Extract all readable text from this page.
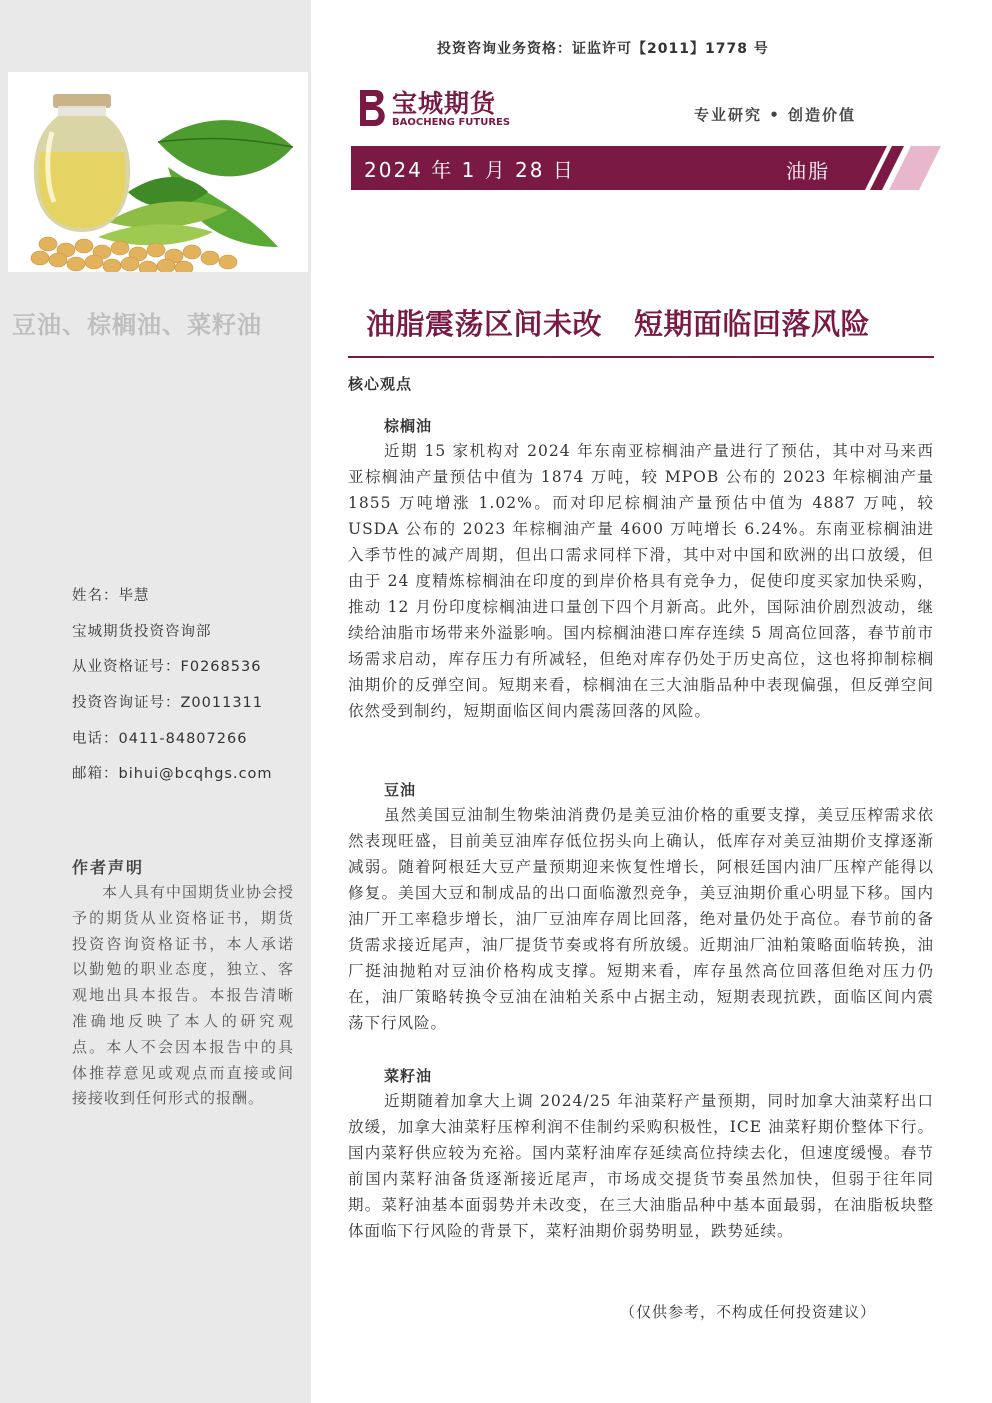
豆油、棕榈油、菜籽油
姓名：毕慧
宝城期货投资咨询部
从业资格证号：F0268536
投资咨询证号：Z0011311
电话：0411-84807266
邮箱：bihui@bcqhgs.com
作者声明
本人具有中国期货业协会授予的期货从业资格证书，期货投资咨询资格证书，本人承诺以勤勉的职业态度，独立、客观地出具本报告。本报告清晰准确地反映了本人的研究观点。本人不会因本报告中的具体推荐意见或观点而直接或间接接收到任何形式的报酬。
投资咨询业务资格：证监许可【2011】1778 号
宝城期货
BAOCHENG FUTURES	专业研究 • 创造价值
2024 年 1 月 28 日	油脂
油脂震荡区间未改 短期面临回落风险
核心观点
棕榈油

近期 15 家机构对 2024 年东南亚棕榈油产量进行了预估，其中对马来西亚棕榈油产量预估中值为 1874 万吨，较 MPOB 公布的 2023 年棕榈油产量 1855 万吨增涨 1.02%。而对印尼棕榈油产量预估中值为 4887 万吨，较 USDA 公布的 2023 年棕榈油产量 4600 万吨增长 6.24%。东南亚棕榈油进入季节性的减产周期，但出口需求同样下滑，其中对中国和欧洲的出口放缓，但由于 24 度精炼棕榈油在印度的到岸价格具有竞争力，促使印度买家加快采购，推动 12 月份印度棕榈油进口量创下四个月新高。此外，国际油价剧烈波动，继续给油脂市场带来外溢影响。国内棕榈油港口库存连续 5 周高位回落，春节前市场需求启动，库存压力有所减轻，但绝对库存仍处于历史高位，这也将抑制棕榈油期价的反弹空间。短期来看，棕榈油在三大油脂品种中表现偏强，但反弹空间依然受到制约，短期面临区间内震荡回落的风险。

豆油

虽然美国豆油制生物柴油消费仍是美豆油价格的重要支撑，美豆压榨需求依然表现旺盛，目前美豆油库存低位拐头向上确认，低库存对美豆油期价支撑逐渐减弱。随着阿根廷大豆产量预期迎来恢复性增长，阿根廷国内油厂压榨产能得以修复。美国大豆和制成品的出口面临激烈竞争，美豆油期价重心明显下移。国内油厂开工率稳步增长，油厂豆油库存周比回落，绝对量仍处于高位。春节前的备货需求接近尾声，油厂提货节奏或将有所放缓。近期油厂油粕策略面临转换，油厂挺油抛粕对豆油价格构成支撑。短期来看，库存虽然高位回落但绝对压力仍在，油厂策略转换令豆油在油粕关系中占据主动，短期表现抗跌，面临区间内震荡下行风险。

菜籽油

近期随着加拿大上调 2024/25 年油菜籽产量预期，同时加拿大油菜籽出口放缓，加拿大油菜籽压榨利润不佳制约采购积极性，ICE 油菜籽期价整体下行。国内菜籽供应较为充裕。国内菜籽油库存延续高位持续去化，但速度缓慢。春节前国内菜籽油备货逐渐接近尾声，市场成交提货节奏虽然加快，但弱于往年同期。菜籽油基本面弱势并未改变，在三大油脂品种中基本面最弱，在油脂板块整体面临下行风险的背景下，菜籽油期价弱势明显，跌势延续。

（仅供参考，不构成任何投资建议）
